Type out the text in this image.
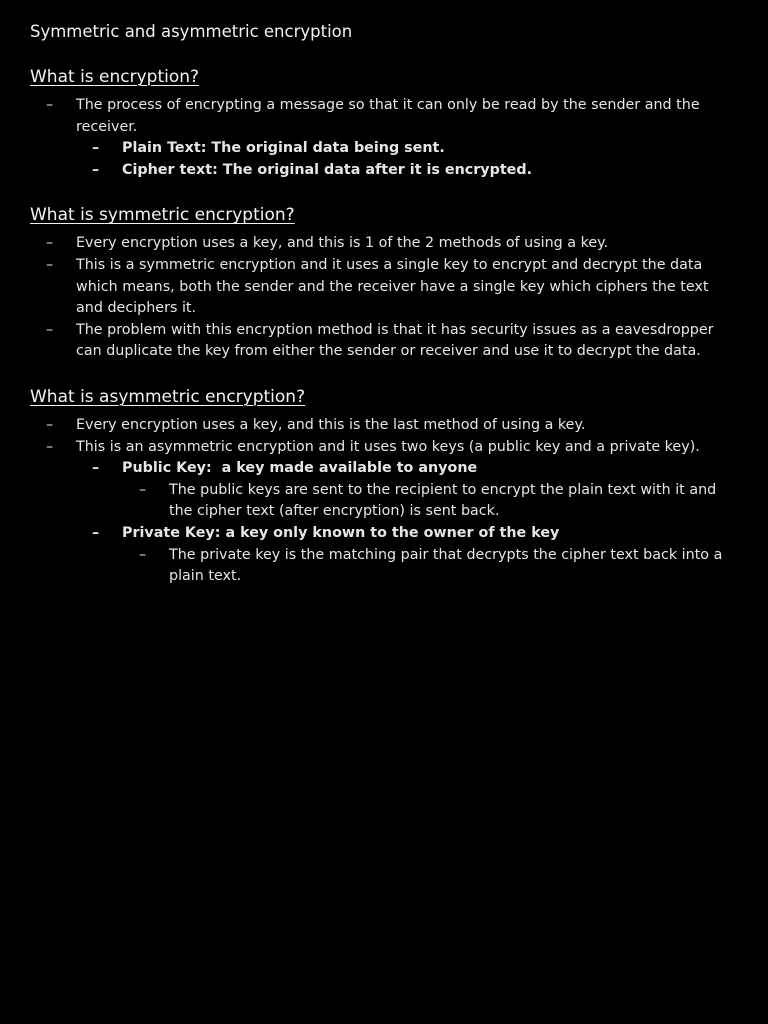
Symmetric and asymmetric encryption

What is encryption?
–	The process of encrypting a message so that it can only be read by the sender and the receiver.
–	Plain Text: The original data being sent.
–	Cipher text: The original data after it is encrypted.
What is symmetric encryption?
–	Every encryption uses a key, and this is 1 of the 2 methods of using a key.
–	This is a symmetric encryption and it uses a single key to encrypt and decrypt the data which means, both the sender and the receiver have a single key which ciphers the text and deciphers it.
–	The problem with this encryption method is that it has security issues as a eavesdropper can duplicate the key from either the sender or receiver and use it to decrypt the data.
What is asymmetric encryption?
–	Every encryption uses a key, and this is the last method of using a key.
–	This is an asymmetric encryption and it uses two keys (a public key and a private key).
–	Public Key:  a key made available to anyone
–	The public keys are sent to the recipient to encrypt the plain text with it and the cipher text (after encryption) is sent back.
–	Private Key: a key only known to the owner of the key
–	The private key is the matching pair that decrypts the cipher text back into a plain text.
